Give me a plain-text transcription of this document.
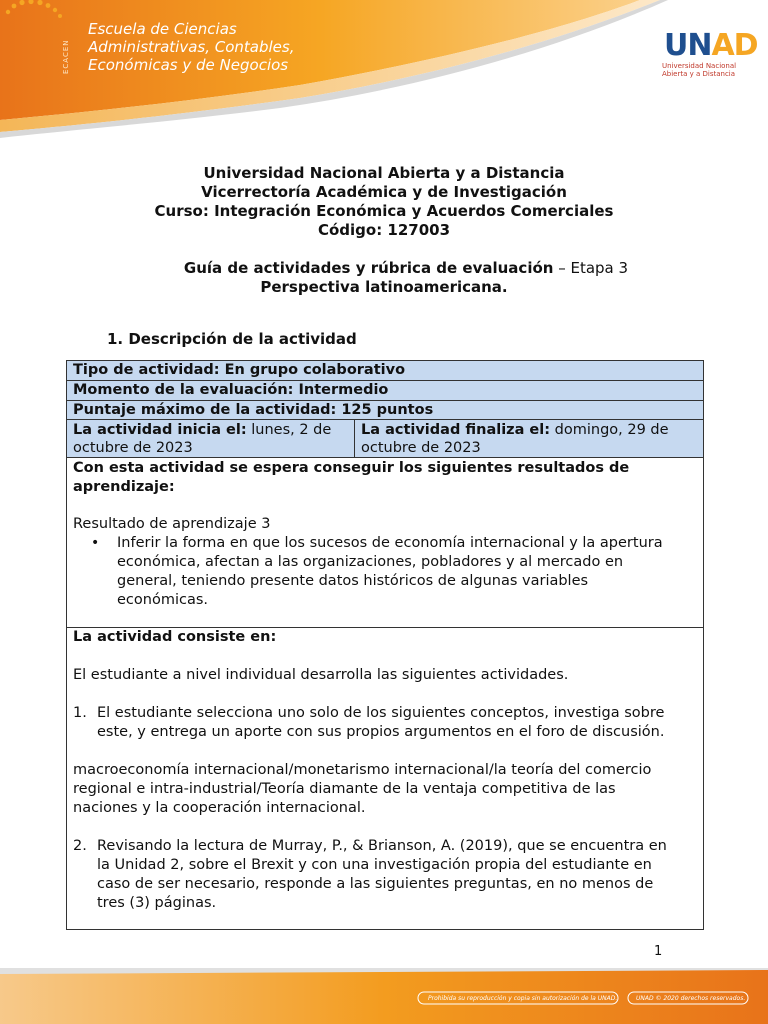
ECACEN
Escuela de Ciencias
Administrativas, Contables,
Económicas y de Negocios
UNAD
Universidad Nacional
Abierta y a Distancia
Universidad Nacional Abierta y a Distancia
Vicerrectoría Académica y de Investigación
Curso: Integración Económica y Acuerdos Comerciales
Código: 127003
Guía de actividades y rúbrica de evaluación – Etapa 3
Perspectiva latinoamericana.
1. Descripción de la actividad
Tipo de actividad: En grupo colaborativo
Momento de la evaluación: Intermedio
Puntaje máximo de la actividad: 125 puntos
La actividad inicia el: lunes, 2 de
octubre de 2023
La actividad finaliza el: domingo, 29 de
octubre de 2023
Con esta actividad se espera conseguir los siguientes resultados de
aprendizaje:
Resultado de aprendizaje 3
• Inferir la forma en que los sucesos de economía internacional y la apertura
económica, afectan a las organizaciones, pobladores y al mercado en
general, teniendo presente datos históricos de algunas variables
económicas.
La actividad consiste en:
El estudiante a nivel individual desarrolla las siguientes actividades.
1. El estudiante selecciona uno solo de los siguientes conceptos, investiga sobre
este, y entrega un aporte con sus propios argumentos en el foro de discusión.
macroeconomía internacional/monetarismo internacional/la teoría del comercio
regional e intra-industrial/Teoría diamante de la ventaja competitiva de las
naciones y la cooperación internacional.
2. Revisando la lectura de Murray, P., & Brianson, A. (2019), que se encuentra en
la Unidad 2, sobre el Brexit y con una investigación propia del estudiante en
caso de ser necesario, responde a las siguientes preguntas, en no menos de
tres (3) páginas.
1
Prohibida su reproducción y copia sin autorización de la UNAD.	UNAD © 2020 derechos reservados.
